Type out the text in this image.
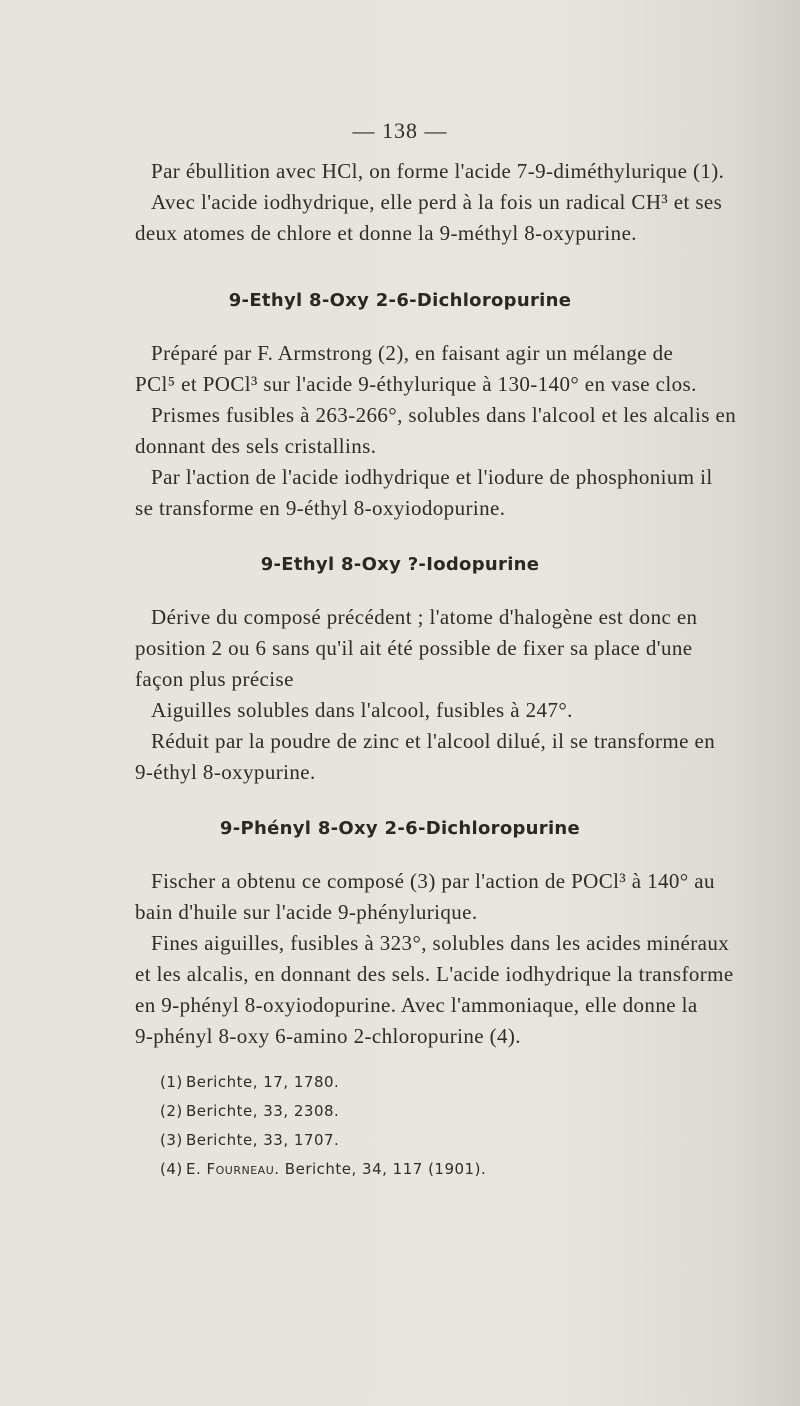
— 138 —
Par ébullition avec HCl, on forme l'acide 7-9-diméthylurique (1).
Avec l'acide iodhydrique, elle perd à la fois un radical CH³ et ses
deux atomes de chlore et donne la 9-méthyl 8-oxypurine.
9-Ethyl 8-Oxy 2-6-Dichloropurine
Préparé par F. Armstrong (2), en faisant agir un mélange de
PCl⁵ et POCl³ sur l'acide 9-éthylurique à 130-140° en vase clos.
Prismes fusibles à 263-266°, solubles dans l'alcool et les alcalis en
donnant des sels cristallins.
Par l'action de l'acide iodhydrique et l'iodure de phosphonium il
se transforme en 9-éthyl 8-oxyiodopurine.
9-Ethyl 8-Oxy ?-Iodopurine
Dérive du composé précédent ; l'atome d'halogène est donc en
position 2 ou 6 sans qu'il ait été possible de fixer sa place d'une
façon plus précise
Aiguilles solubles dans l'alcool, fusibles à 247°.
Réduit par la poudre de zinc et l'alcool dilué, il se transforme en
9-éthyl 8-oxypurine.
9-Phényl 8-Oxy 2-6-Dichloropurine
Fischer a obtenu ce composé (3) par l'action de POCl³ à 140° au
bain d'huile sur l'acide 9-phénylurique.
Fines aiguilles, fusibles à 323°, solubles dans les acides minéraux
et les alcalis, en donnant des sels. L'acide iodhydrique la transforme
en 9-phényl 8-oxyiodopurine. Avec l'ammoniaque, elle donne la
9-phényl 8-oxy 6-amino 2-chloropurine (4).
(1) Berichte, 17, 1780.
(2) Berichte, 33, 2308.
(3) Berichte, 33, 1707.
(4) E. Fourneau. Berichte, 34, 117 (1901).
